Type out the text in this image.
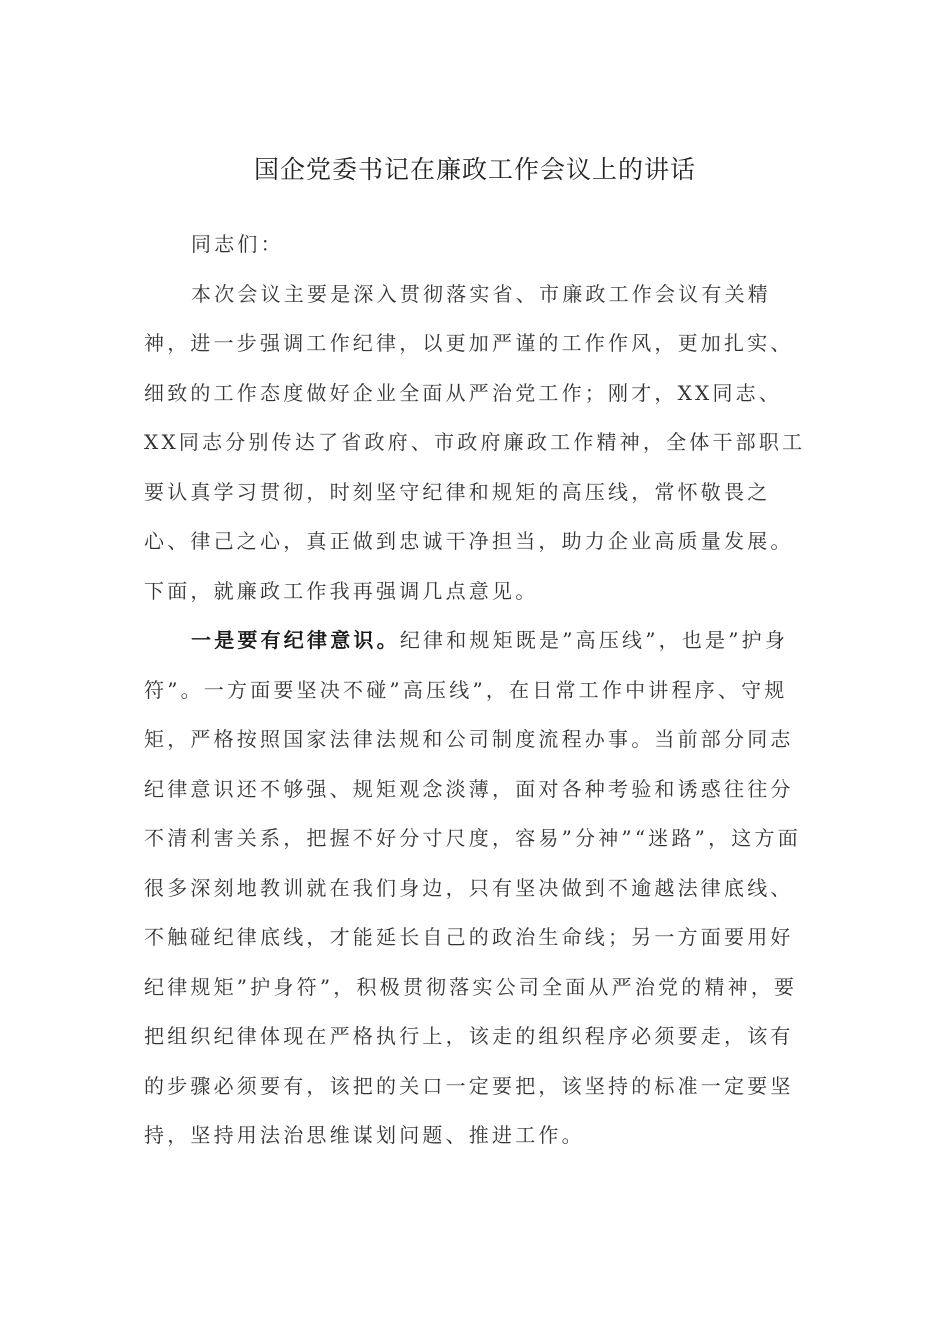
国企党委书记在廉政工作会议上的讲话

同志们：

本次会议主要是深入贯彻落实省、市廉政工作会议有关精神，进一步强调工作纪律，以更加严谨的工作作风，更加扎实、细致的工作态度做好企业全面从严治党工作；刚才，XX同志、XX同志分别传达了省政府、市政府廉政工作精神，全体干部职工要认真学习贯彻，时刻坚守纪律和规矩的高压线，常怀敬畏之心、律己之心，真正做到忠诚干净担当，助力企业高质量发展。下面，就廉政工作我再强调几点意见。

一是要有纪律意识。纪律和规矩既是”高压线”，也是”护身符”。一方面要坚决不碰”高压线”，在日常工作中讲程序、守规矩，严格按照国家法律法规和公司制度流程办事。当前部分同志纪律意识还不够强、规矩观念淡薄，面对各种考验和诱惑往往分不清利害关系，把握不好分寸尺度，容易”分神”“迷路”，这方面很多深刻地教训就在我们身边，只有坚决做到不逾越法律底线、不触碰纪律底线，才能延长自己的政治生命线；另一方面要用好纪律规矩”护身符”，积极贯彻落实公司全面从严治党的精神，要把组织纪律体现在严格执行上，该走的组织程序必须要走，该有的步骤必须要有，该把的关口一定要把，该坚持的标准一定要坚持，坚持用法治思维谋划问题、推进工作。
